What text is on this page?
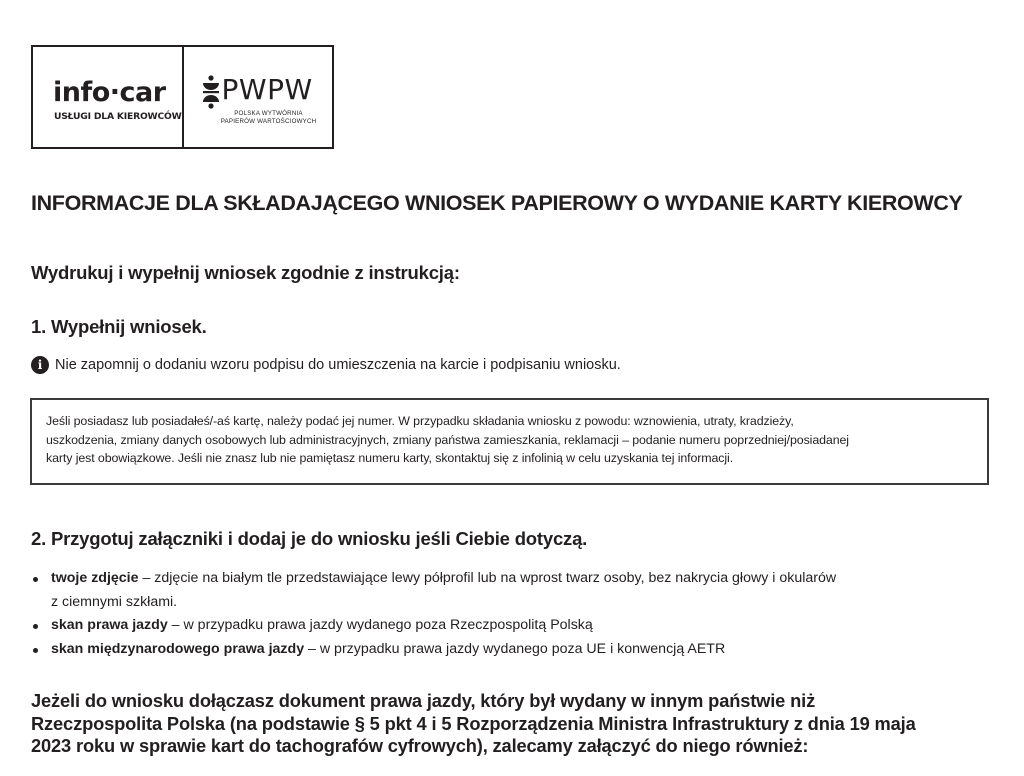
info·car
USŁUGI DLA KIEROWCÓW
PWPW
POLSKA WYTWÓRNIA
PAPIERÓW WARTOŚCIOWYCH
INFORMACJE DLA SKŁADAJĄCEGO WNIOSEK PAPIEROWY O WYDANIE KARTY KIEROWCY
Wydrukuj i wypełnij wniosek zgodnie z instrukcją:
1. Wypełnij wniosek.
i Nie zapomnij o dodaniu wzoru podpisu do umieszczenia na karcie i podpisaniu wniosku.
Jeśli posiadasz lub posiadałeś/-aś kartę, należy podać jej numer. W przypadku składania wniosku z powodu: wznowienia, utraty, kradzieży,
uszkodzenia, zmiany danych osobowych lub administracyjnych, zmiany państwa zamieszkania, reklamacji – podanie numeru poprzedniej/posiadanej
karty jest obowiązkowe. Jeśli nie znasz lub nie pamiętasz numeru karty, skontaktuj się z infolinią w celu uzyskania tej informacji.
2. Przygotuj załączniki i dodaj je do wniosku jeśli Ciebie dotyczą.
twoje zdjęcie – zdjęcie na białym tle przedstawiające lewy półprofil lub na wprost twarz osoby, bez nakrycia głowy i okularów
z ciemnymi szkłami.
skan prawa jazdy – w przypadku prawa jazdy wydanego poza Rzeczpospolitą Polską
skan międzynarodowego prawa jazdy – w przypadku prawa jazdy wydanego poza UE i konwencją AETR
Jeżeli do wniosku dołączasz dokument prawa jazdy, który był wydany w innym państwie niż
Rzeczpospolita Polska (na podstawie § 5 pkt 4 i 5 Rozporządzenia Ministra Infrastruktury z dnia 19 maja
2023 roku w sprawie kart do tachografów cyfrowych), zalecamy załączyć do niego również:
